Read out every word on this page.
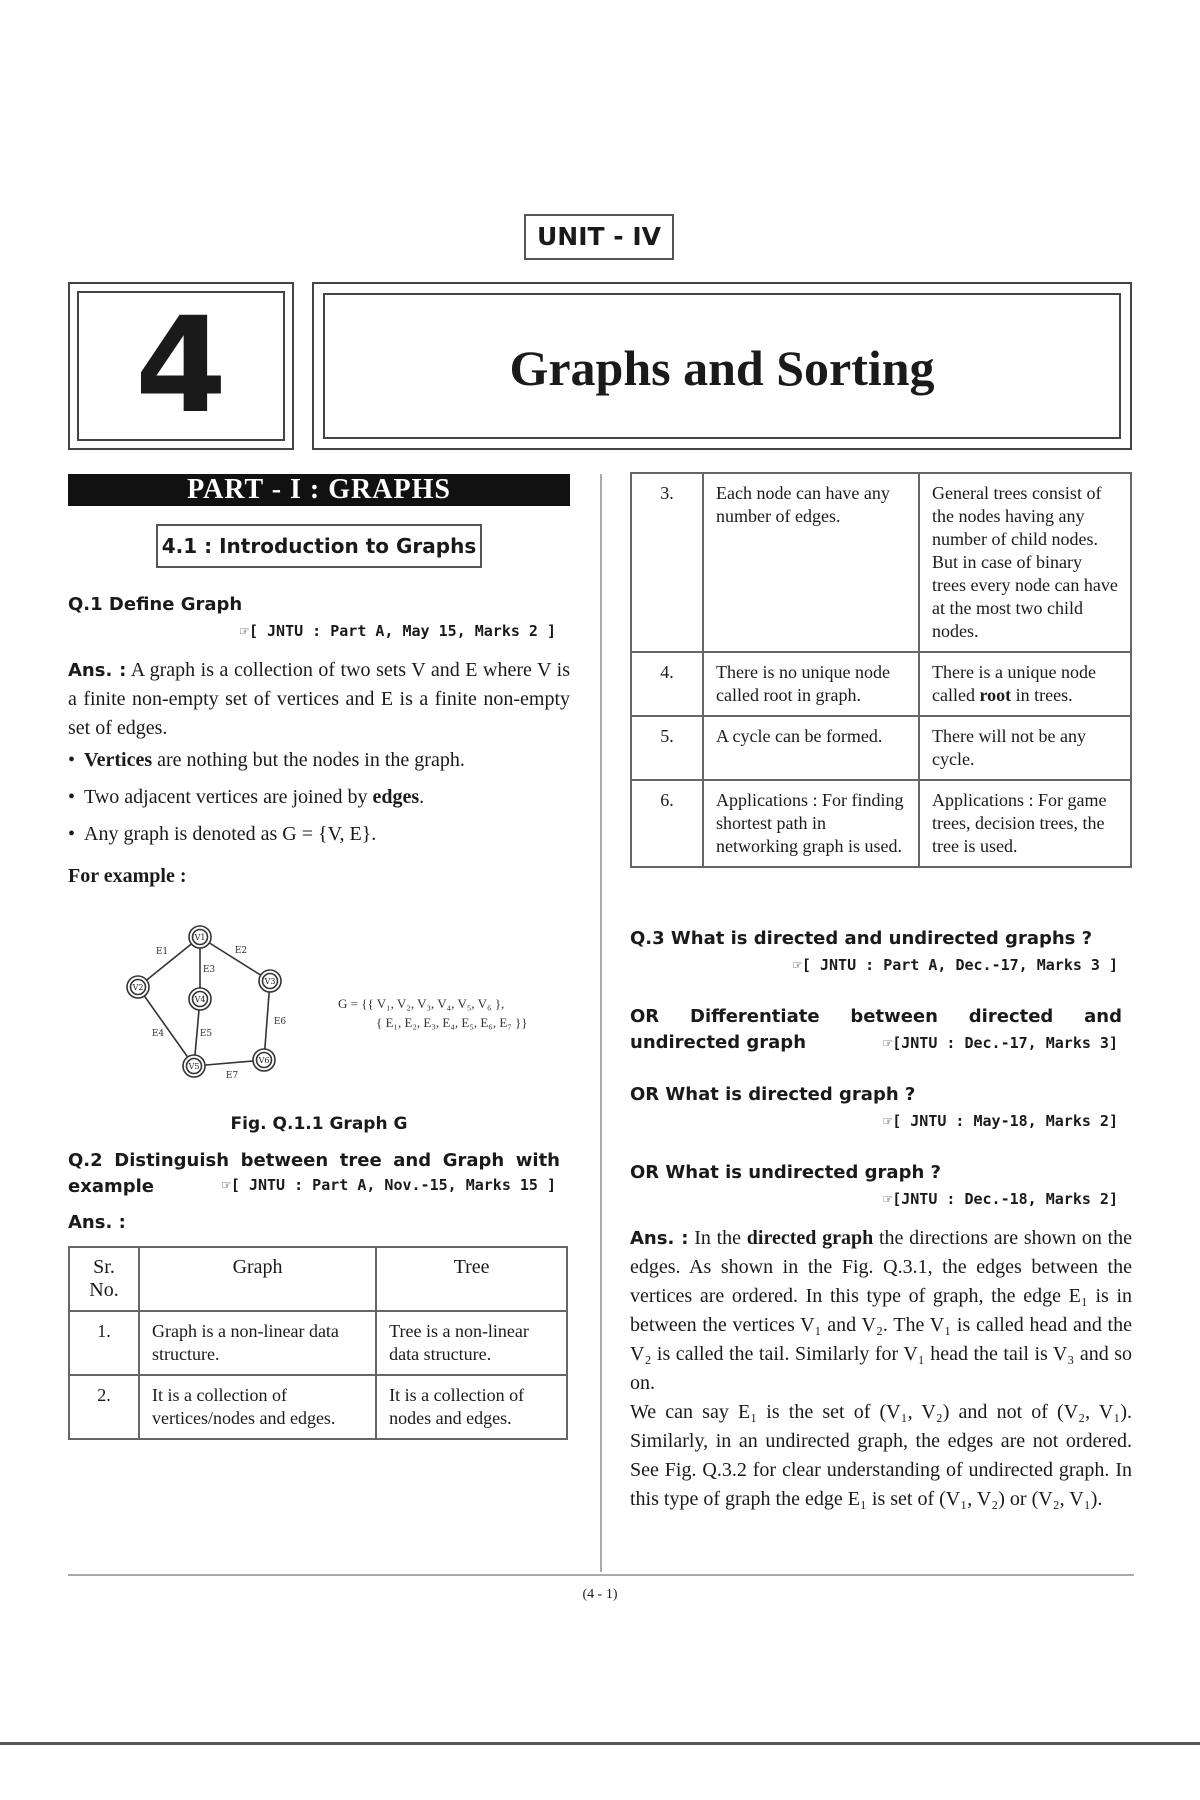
UNIT - IV
4	Graphs and Sorting
PART - I : GRAPHS
4.1 : Introduction to Graphs
Q.1 Define Graph
☞[ JNTU : Part A, May 15, Marks 2 ]
Ans. : A graph is a collection of two sets V and E where V is a finite non-empty set of vertices and E is a finite non-empty set of edges.
• Vertices are nothing but the nodes in the graph.
• Two adjacent vertices are joined by edges.
• Any graph is denoted as G = {V, E}.
For example :
V1
V2
V3
V4
V5
V6
E1	E2
E3
E4	E5
E6
E7
G = {{ V₁, V₂, V₃, V₄, V₅, V₆ },
{ E₁, E₂, E₃, E₄, E₅, E₆, E₇ }}
Fig. Q.1.1 Graph G
Q.2 Distinguish between tree and Graph with example	☞[ JNTU : Part A, Nov.-15, Marks 15 ]
Ans. :
Sr. No.	Graph	Tree
1.	Graph is a non-linear data structure.	Tree is a non-linear data structure.
2.	It is a collection of vertices/nodes and edges.	It is a collection of nodes and edges.
3.	Each node can have any number of edges.	General trees consist of the nodes having any number of child nodes. But in case of binary trees every node can have at the most two child nodes.
4.	There is no unique node called root in graph.	There is a unique node called root in trees.
5.	A cycle can be formed.	There will not be any cycle.
6.	Applications : For finding shortest path in networking graph is used.	Applications : For game trees, decision trees, the tree is used.
Q.3 What is directed and undirected graphs ?
☞[ JNTU : Part A, Dec.-17, Marks 3 ]
OR Differentiate between directed and undirected graph	☞[JNTU : Dec.-17, Marks 3]
OR What is directed graph ?
☞[ JNTU : May-18, Marks 2]
OR What is undirected graph ?
☞[JNTU : Dec.-18, Marks 2]
Ans. : In the directed graph the directions are shown on the edges. As shown in the Fig. Q.3.1, the edges between the vertices are ordered. In this type of graph, the edge E₁ is in between the vertices V₁ and V₂. The V₁ is called head and the V₂ is called the tail. Similarly for V₁ head the tail is V₃ and so on.
We can say E₁ is the set of (V₁, V₂) and not of (V₂, V₁). Similarly, in an undirected graph, the edges are not ordered. See Fig. Q.3.2 for clear understanding of undirected graph. In this type of graph the edge E₁ is set of (V₁, V₂) or (V₂, V₁).
(4 - 1)
